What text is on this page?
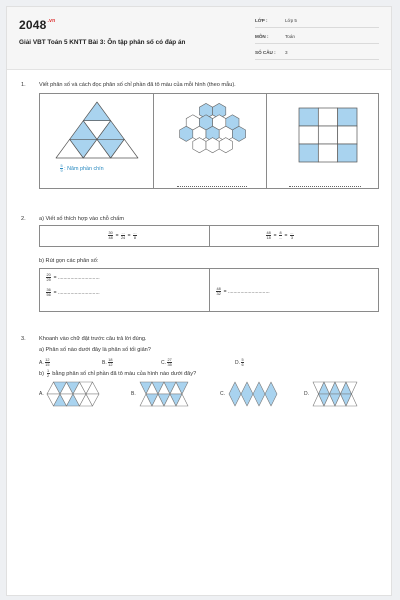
$2048^{.vn}$
Giải VBT Toán 5 KNTT Bài 3: Ôn tập phân số có đáp án
LỚP :	Lớp 5
MÔN :	Toán
SỐ CÂU : 3
1. Viết phân số và cách đọc phân số chỉ phần đã tô màu của mỗi hình (theo mẫu).
$\frac{5}{9}$ : Năm phần chín
2. a) Viết số thích hợp vào chỗ chấm
$\frac{30}{48} = \frac{...}{24} = \frac{...}{8}$	$\frac{48}{18} = \frac{8}{...} = \frac{...}{3}$
b) Rút gọn các phân số:
$\frac{20}{25}$ = ..............................
$\frac{36}{56}$ = ..............................	$\frac{48}{32}$ = ..............................
3. Khoanh vào chữ đặt trước câu trả lời đúng.
a) Phân số nào dưới đây là phân số tối giản?
A. $\frac{12}{15}$	B. $\frac{18}{12}$	C. $\frac{27}{35}$	D. $\frac{5}{6}$
$b) \frac{1}{2}$ bằng phân số chỉ phần đã tô màu của hình nào dưới đây?
A.	B.	C.	D.
